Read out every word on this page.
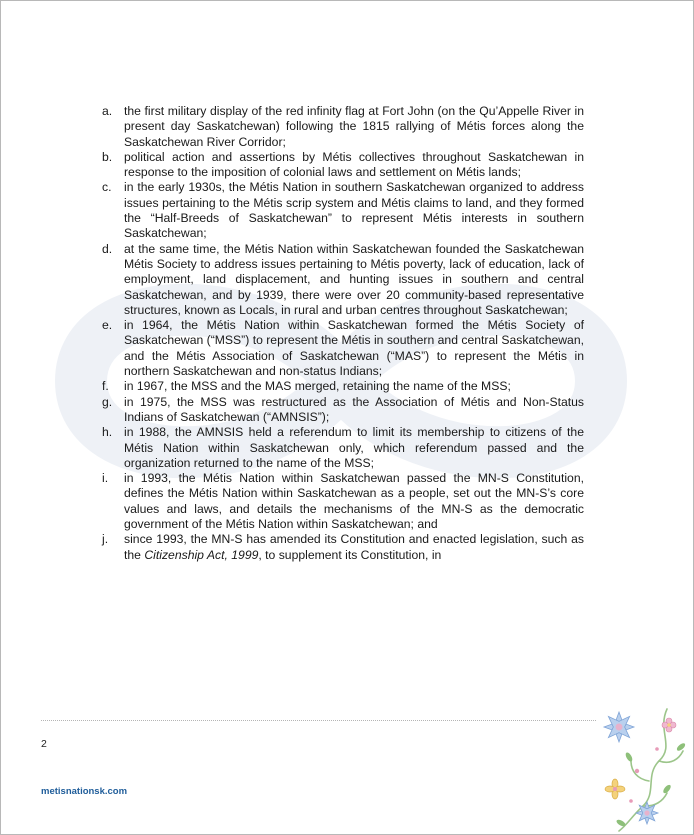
a. the first military display of the red infinity flag at Fort John (on the Qu’Appelle River in present day Saskatchewan) following the 1815 rallying of Métis forces along the Saskatchewan River Corridor;
b. political action and assertions by Métis collectives throughout Saskatchewan in response to the imposition of colonial laws and settlement on Métis lands;
c. in the early 1930s, the Métis Nation in southern Saskatchewan organized to address issues pertaining to the Métis scrip system and Métis claims to land, and they formed the “Half-Breeds of Saskatchewan” to represent Métis interests in southern Saskatchewan;
d. at the same time, the Métis Nation within Saskatchewan founded the Saskatchewan Métis Society to address issues pertaining to Métis poverty, lack of education, lack of employment, land displacement, and hunting issues in southern and central Saskatchewan, and by 1939, there were over 20 community-based representative structures, known as Locals, in rural and urban centres throughout Saskatchewan;
e. in 1964, the Métis Nation within Saskatchewan formed the Métis Society of Saskatchewan (“MSS”) to represent the Métis in southern and central Saskatchewan, and the Métis Association of Saskatchewan (“MAS”) to represent the Métis in northern Saskatchewan and non-status Indians;
f. in 1967, the MSS and the MAS merged, retaining the name of the MSS;
g. in 1975, the MSS was restructured as the Association of Métis and Non-Status Indians of Saskatchewan (“AMNSIS”);
h. in 1988, the AMNSIS held a referendum to limit its membership to citizens of the Métis Nation within Saskatchewan only, which referendum passed and the organization returned to the name of the MSS;
i. in 1993, the Métis Nation within Saskatchewan passed the MN-S Constitution, defines the Métis Nation within Saskatchewan as a people, set out the MN-S’s core values and laws, and details the mechanisms of the MN-S as the democratic government of the Métis Nation within Saskatchewan; and
j. since 1993, the MN-S has amended its Constitution and enacted legislation, such as the Citizenship Act, 1999, to supplement its Constitution, in
2
metisnationsk.com
